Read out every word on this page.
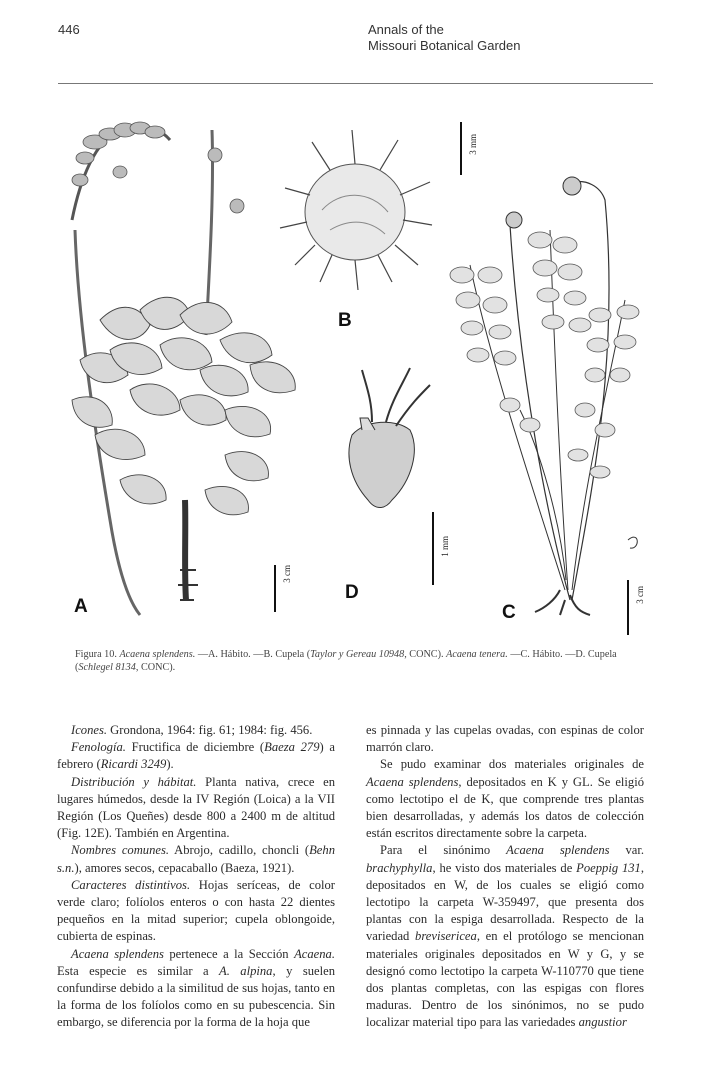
446	Annals of the
Missouri Botanical Garden
A
B
D
C
3 cm
3 mm
1 mm
3 cm
Figura 10. Acaena splendens. —A. Hábito. —B. Cupela (Taylor y Gereau 10948, CONC). Acaena tenera. —C. Hábito. —D. Cupela (Schlegel 8134, CONC).

Icones. Grondona, 1964: fig. 61; 1984: fig. 456.

Fenología. Fructifica de diciembre (Baeza 279) a febrero (Ricardi 3249).

Distribución y hábitat. Planta nativa, crece en lugares húmedos, desde la IV Región (Loica) a la VII Región (Los Queñes) desde 800 a 2400 m de altitud (Fig. 12E). También en Argentina.

Nombres comunes. Abrojo, cadillo, choncli (Behn s.n.), amores secos, cepacaballo (Baeza, 1921).

Caracteres distintivos. Hojas seríceas, de color verde claro; folíolos enteros o con hasta 22 dientes pequeños en la mitad superior; cupela oblongoide, cubierta de espinas.

Acaena splendens pertenece a la Sección Acaena. Esta especie es similar a A. alpina, y suelen confundirse debido a la similitud de sus hojas, tanto en la forma de los folíolos como en su pubescencia. Sin embargo, se diferencia por la forma de la hoja que

es pinnada y las cupelas ovadas, con espinas de color marrón claro.

Se pudo examinar dos materiales originales de Acaena splendens, depositados en K y GL. Se eligió como lectotipo el de K, que comprende tres plantas bien desarrolladas, y además los datos de colección están escritos directamente sobre la carpeta.

Para el sinónimo Acaena splendens var. brachyphylla, he visto dos materiales de Poeppig 131, depositados en W, de los cuales se eligió como lectotipo la carpeta W-359497, que presenta dos plantas con la espiga desarrollada. Respecto de la variedad brevisericea, en el protólogo se mencionan materiales originales depositados en W y G, y se designó como lectotipo la carpeta W-110770 que tiene dos plantas completas, con las espigas con flores maduras. Dentro de los sinónimos, no se pudo localizar material tipo para las variedades angustior
